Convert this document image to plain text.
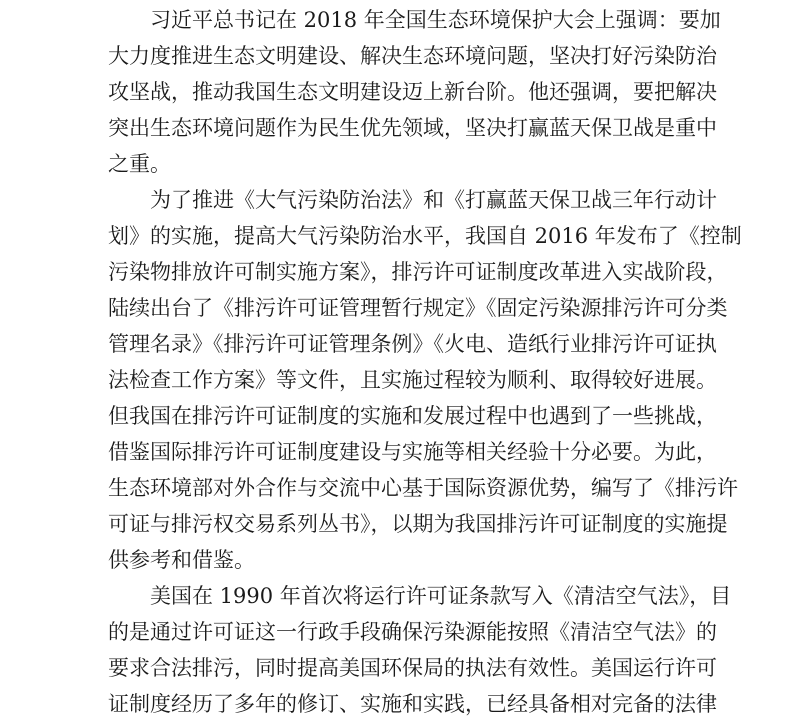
习近平总书记在 2018 年全国生态环境保护大会上强调：要加
大力度推进生态文明建设、解决生态环境问题，坚决打好污染防治
攻坚战，推动我国生态文明建设迈上新台阶。他还强调，要把解决
突出生态环境问题作为民生优先领域，坚决打赢蓝天保卫战是重中
之重。
为了推进《大气污染防治法》和《打赢蓝天保卫战三年行动计
划》的实施，提高大气污染防治水平，我国自 2016 年发布了《控制
污染物排放许可制实施方案》，排污许可证制度改革进入实战阶段，
陆续出台了《排污许可证管理暂行规定》《固定污染源排污许可分类
管理名录》《排污许可证管理条例》《火电、造纸行业排污许可证执
法检查工作方案》等文件，且实施过程较为顺利、取得较好进展。
但我国在排污许可证制度的实施和发展过程中也遇到了一些挑战，
借鉴国际排污许可证制度建设与实施等相关经验十分必要。为此，
生态环境部对外合作与交流中心基于国际资源优势，编写了《排污许
可证与排污权交易系列丛书》，以期为我国排污许可证制度的实施提
供参考和借鉴。
美国在 1990 年首次将运行许可证条款写入《清洁空气法》，目
的是通过许可证这一行政手段确保污染源能按照《清洁空气法》的
要求合法排污，同时提高美国环保局的执法有效性。美国运行许可
证制度经历了多年的修订、实施和实践，已经具备相对完备的法律
